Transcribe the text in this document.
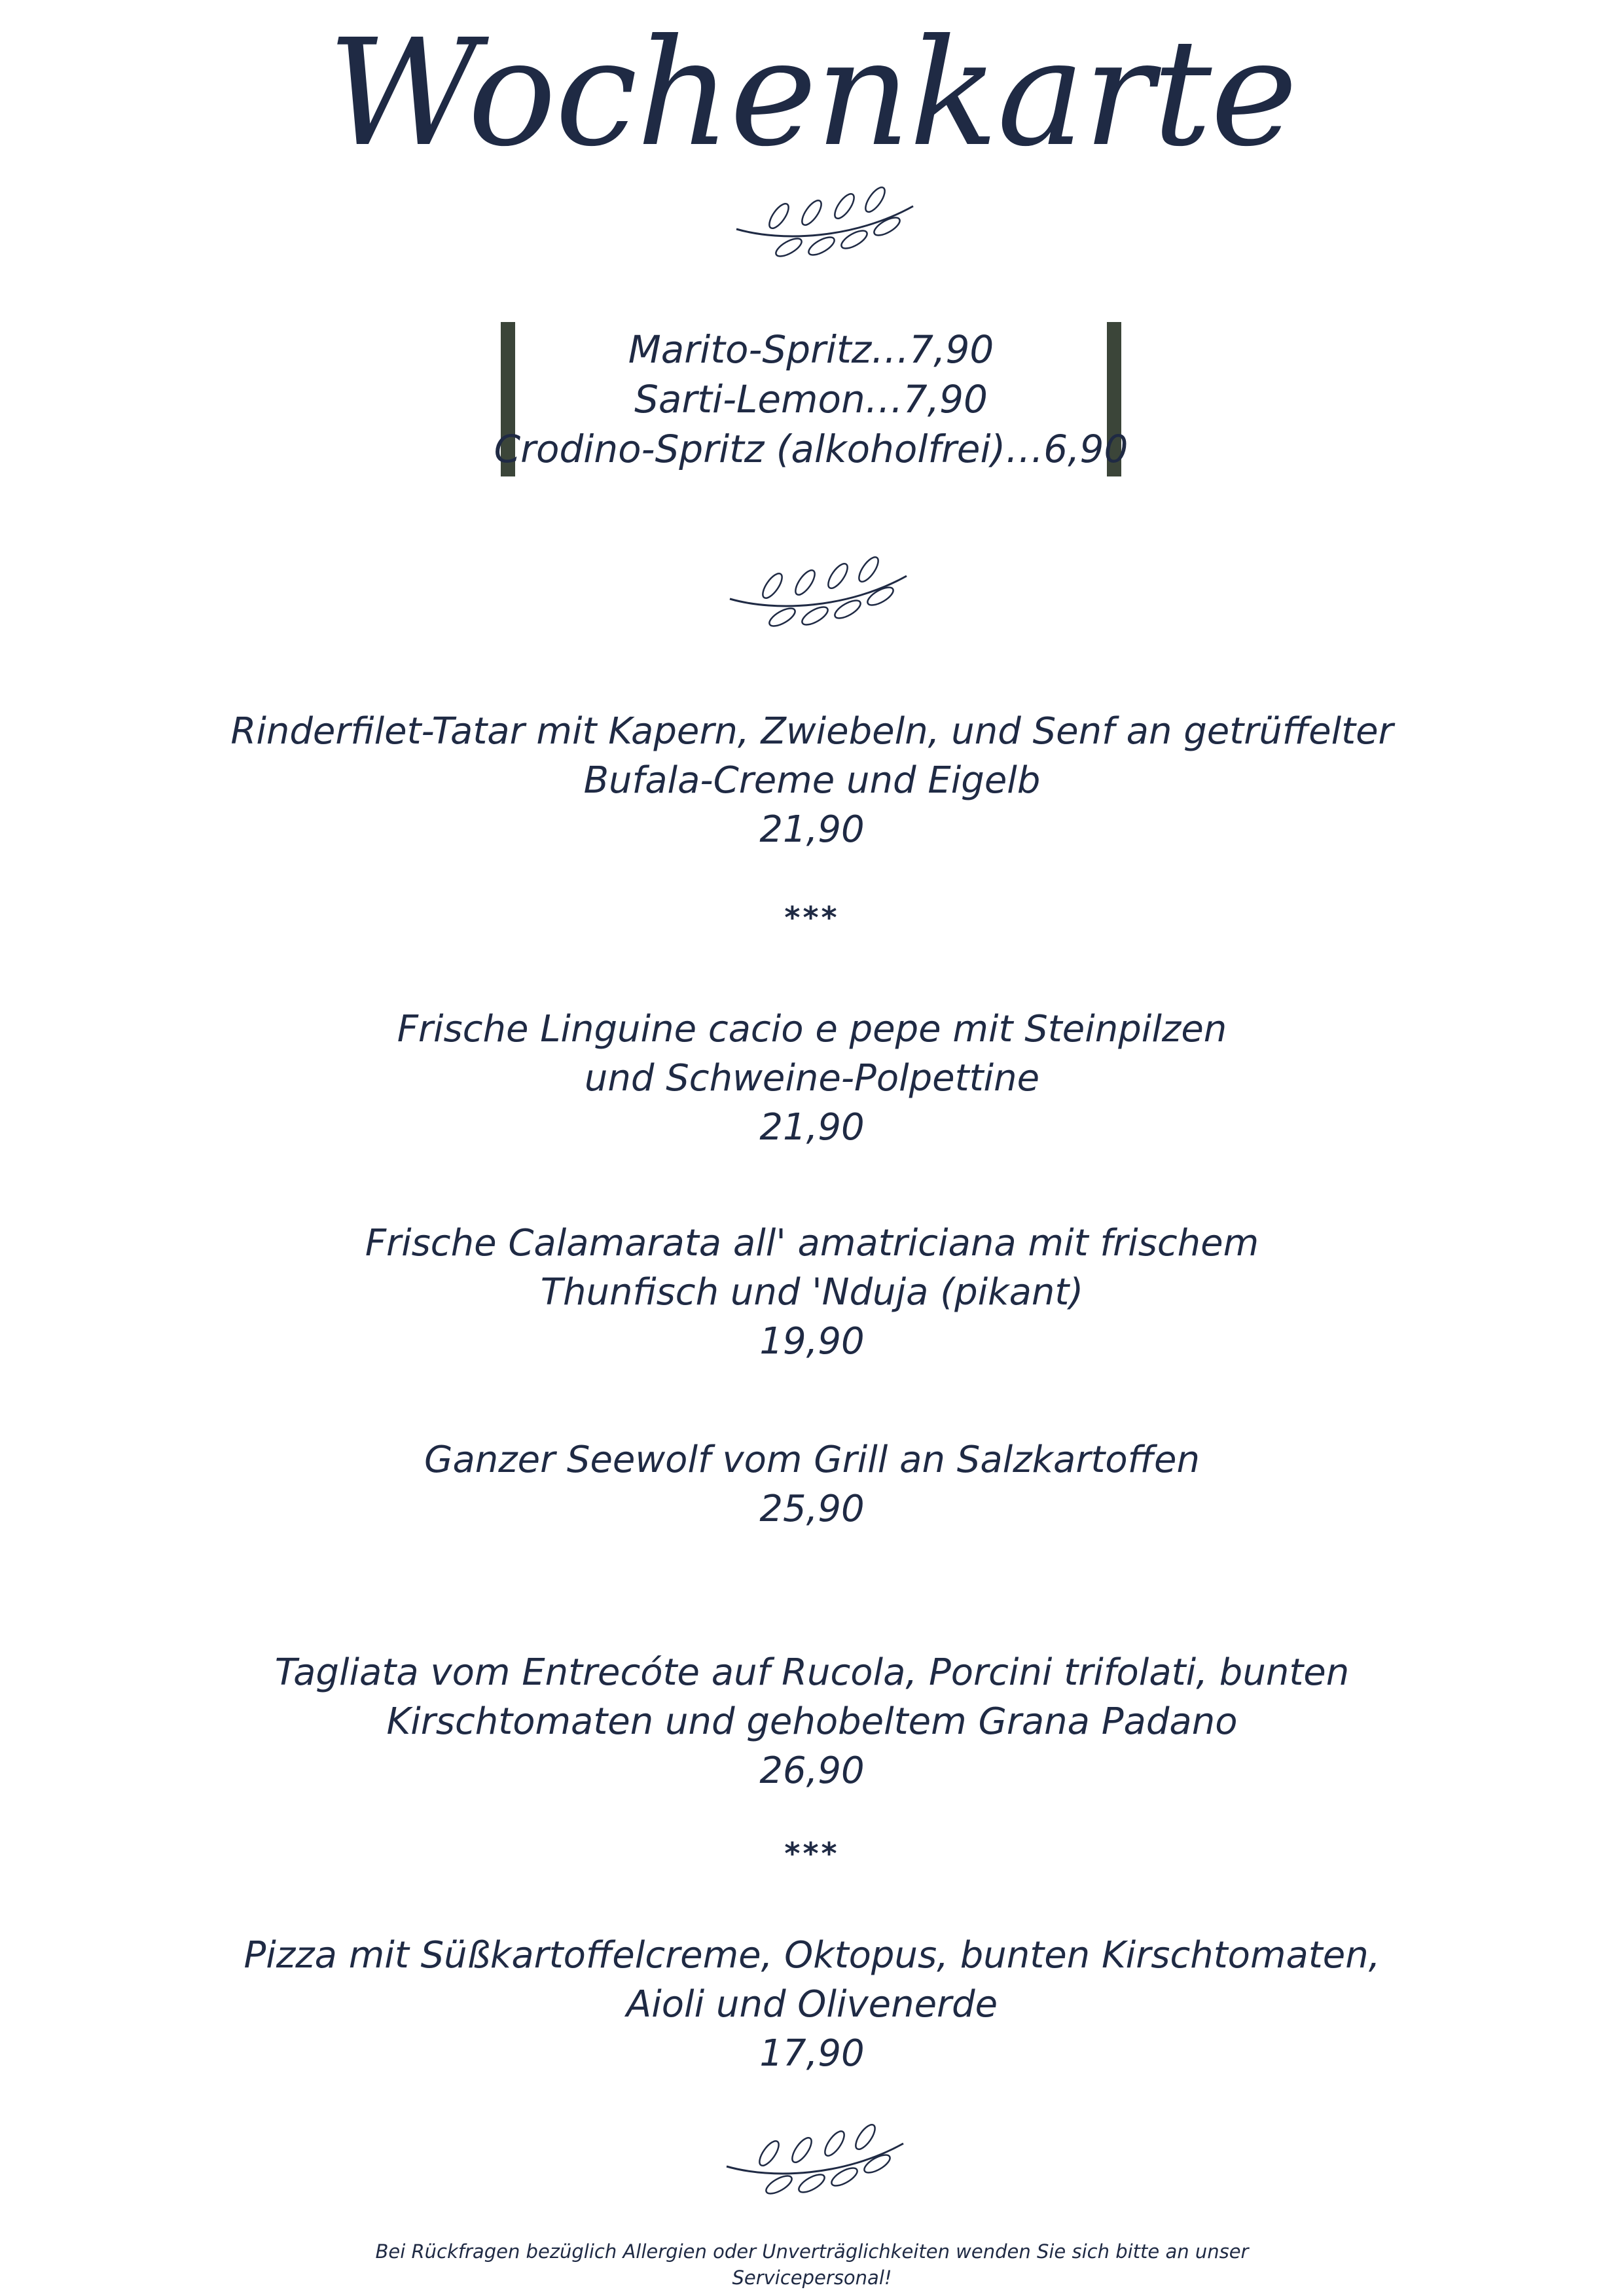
Wochenkarte
Marito-Spritz…7,90
Sarti-Lemon…7,90
Crodino-Spritz (alkoholfrei)…6,90
Rinderfilet-Tatar mit Kapern, Zwiebeln, und Senf an getrüffelter
Bufala-Creme und Eigelb
21,90
***
Frische Linguine cacio e pepe mit Steinpilzen
und Schweine-Polpettine
21,90
Frische Calamarata all' amatriciana mit frischem
Thunfisch und 'Nduja (pikant)
19,90
Ganzer Seewolf vom Grill an Salzkartoffen
25,90
Tagliata vom Entrecóte auf Rucola, Porcini trifolati, bunten
Kirschtomaten und gehobeltem Grana Padano
26,90
***
Pizza mit Süßkartoffelcreme, Oktopus, bunten Kirschtomaten,
Aioli und Olivenerde
17,90
Bei Rückfragen bezüglich Allergien oder Unverträglichkeiten wenden Sie sich bitte an unser Servicepersonal!
